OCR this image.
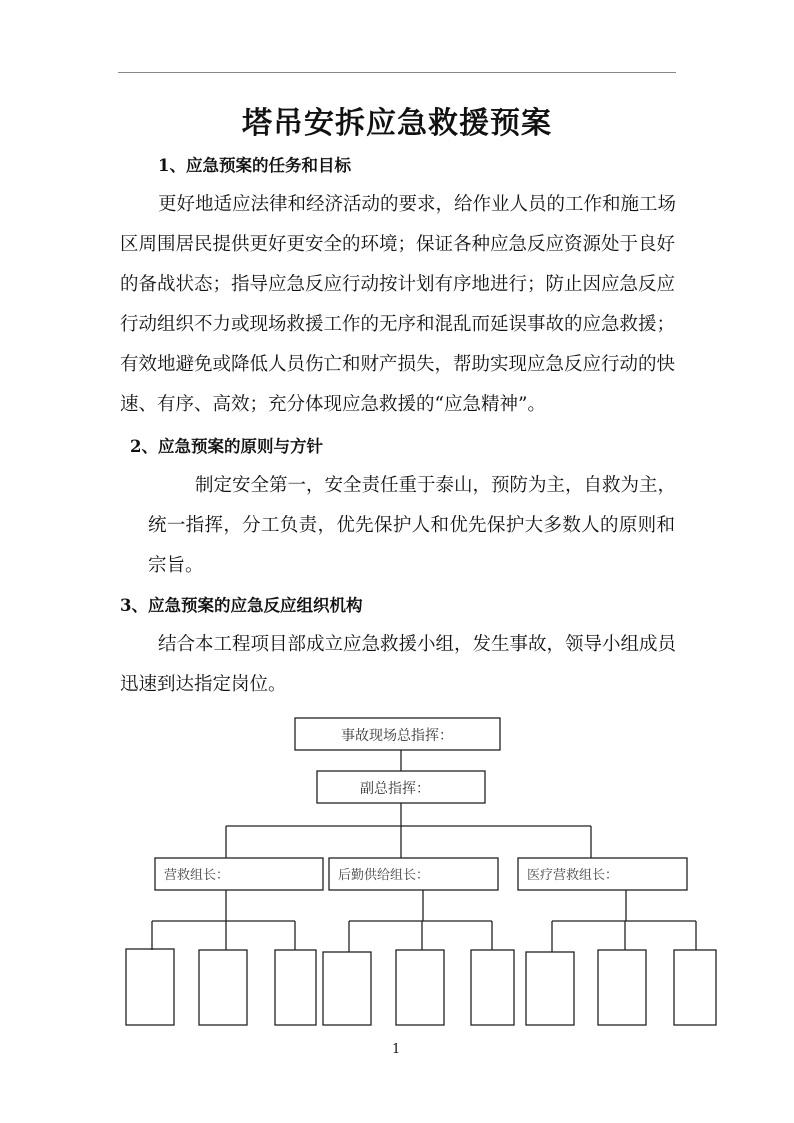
塔吊安拆应急救援预案
1、应急预案的任务和目标
更好地适应法律和经济活动的要求，给作业人员的工作和施工场
区周围居民提供更好更安全的环境；保证各种应急反应资源处于良好
的备战状态；指导应急反应行动按计划有序地进行；防止因应急反应
行动组织不力或现场救援工作的无序和混乱而延误事故的应急救援；
有效地避免或降低人员伤亡和财产损失，帮助实现应急反应行动的快
速、有序、高效；充分体现应急救援的“应急精神”。
2、应急预案的原则与方针
制定安全第一，安全责任重于泰山，预防为主，自救为主，
统一指挥，分工负责，优先保护人和优先保护大多数人的原则和
宗旨。
3、应急预案的应急反应组织机构
结合本工程项目部成立应急救援小组，发生事故，领导小组成员
迅速到达指定岗位。
事故现场总指挥：
副总指挥：
营救组长：	后勤供给组长：	医疗营救组长：
1
